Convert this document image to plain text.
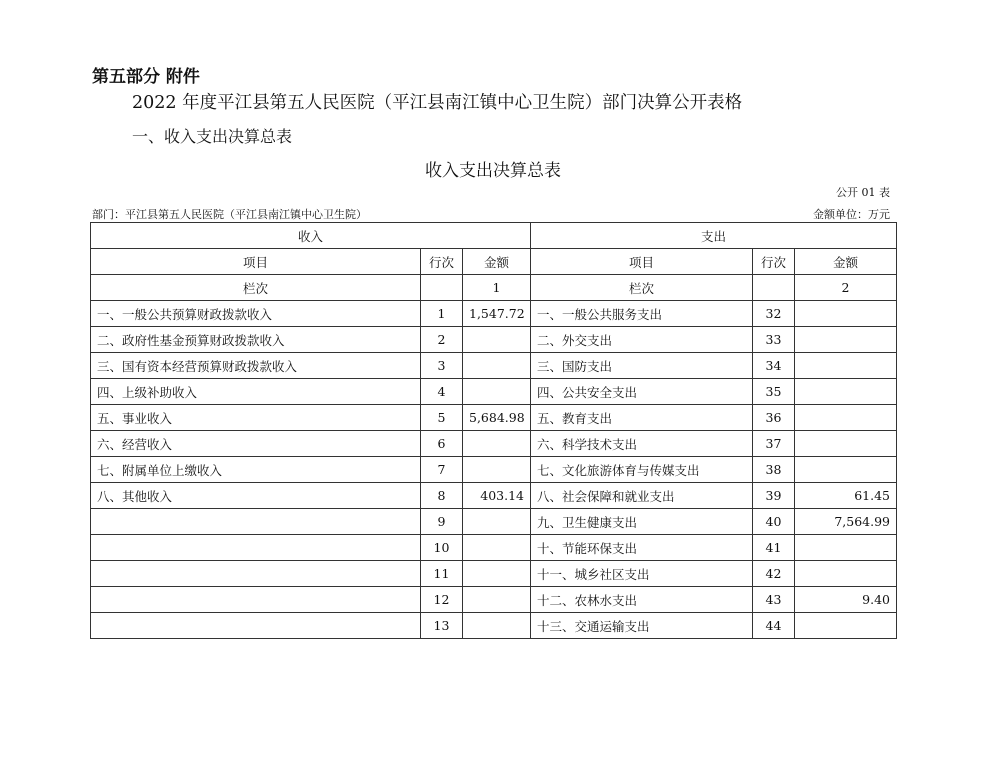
第五部分 附件
2022 年度平江县第五人民医院（平江县南江镇中心卫生院）部门决算公开表格
一、收入支出决算总表
收入支出决算总表
公开 01 表
部门：平江县第五人民医院（平江县南江镇中心卫生院）	金额单位：万元
收入			支出		
项目	行次	金额	项目	行次	金额
栏次		1	栏次		2
一、一般公共预算财政拨款收入	1	1,547.72	一、一般公共服务支出	32	
二、政府性基金预算财政拨款收入	2		二、外交支出	33	
三、国有资本经营预算财政拨款收入	3		三、国防支出	34	
四、上级补助收入	4		四、公共安全支出	35	
五、事业收入	5	5,684.98	五、教育支出	36	
六、经营收入	6		六、科学技术支出	37	
七、附属单位上缴收入	7		七、文化旅游体育与传媒支出	38	
八、其他收入	8	403.14	八、社会保障和就业支出	39	61.45
	9		九、卫生健康支出	40	7,564.99
	10		十、节能环保支出	41	
	11		十一、城乡社区支出	42	
	12		十二、农林水支出	43	9.40
	13		十三、交通运输支出	44	
